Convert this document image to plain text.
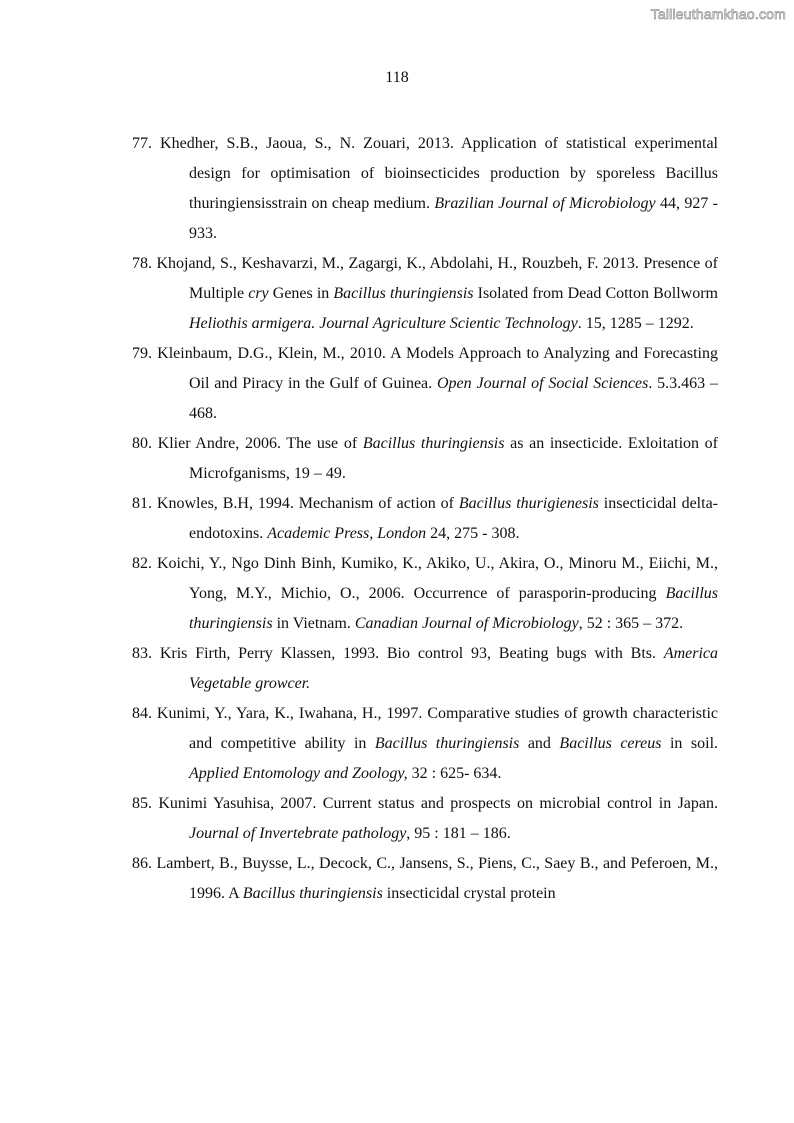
Tailieuthamkhao.com
118

77. Khedher, S.B., Jaoua, S., N. Zouari, 2013. Application of statistical experimental design for optimisation of bioinsecticides production by sporeless Bacillus thuringiensisstrain on cheap medium. Brazilian Journal of Microbiology 44, 927 - 933.

78. Khojand, S., Keshavarzi, M., Zagargi, K., Abdolahi, H., Rouzbeh, F. 2013. Presence of Multiple cry Genes in Bacillus thuringiensis Isolated from Dead Cotton Bollworm Heliothis armigera. Journal Agriculture Scientic Technology. 15, 1285 – 1292.

79. Kleinbaum, D.G., Klein, M., 2010. A Models Approach to Analyzing and Forecasting Oil and Piracy in the Gulf of Guinea. Open Journal of Social Sciences. 5.3.463 – 468.

80. Klier Andre, 2006. The use of Bacillus thuringiensis as an insecticide. Exloitation of Microfganisms, 19 – 49.

81. Knowles, B.H, 1994. Mechanism of action of Bacillus thurigienesis insecticidal delta-endotoxins. Academic Press, London 24, 275 - 308.

82. Koichi, Y., Ngo Dinh Binh, Kumiko, K., Akiko, U., Akira, O., Minoru M., Eiichi, M., Yong, M.Y., Michio, O., 2006. Occurrence of parasporin-producing Bacillus thuringiensis in Vietnam. Canadian Journal of Microbiology, 52 : 365 – 372.

83. Kris Firth, Perry Klassen, 1993. Bio control 93, Beating bugs with Bts. America Vegetable growcer.

84. Kunimi, Y., Yara, K., Iwahana, H., 1997. Comparative studies of growth characteristic and competitive ability in Bacillus thuringiensis and Bacillus cereus in soil. Applied Entomology and Zoology, 32 : 625- 634.

85. Kunimi Yasuhisa, 2007. Current status and prospects on microbial control in Japan. Journal of Invertebrate pathology, 95 : 181 – 186.

86. Lambert, B., Buysse, L., Decock, C., Jansens, S., Piens, C., Saey B., and Peferoen, M., 1996. A Bacillus thuringiensis insecticidal crystal protein
